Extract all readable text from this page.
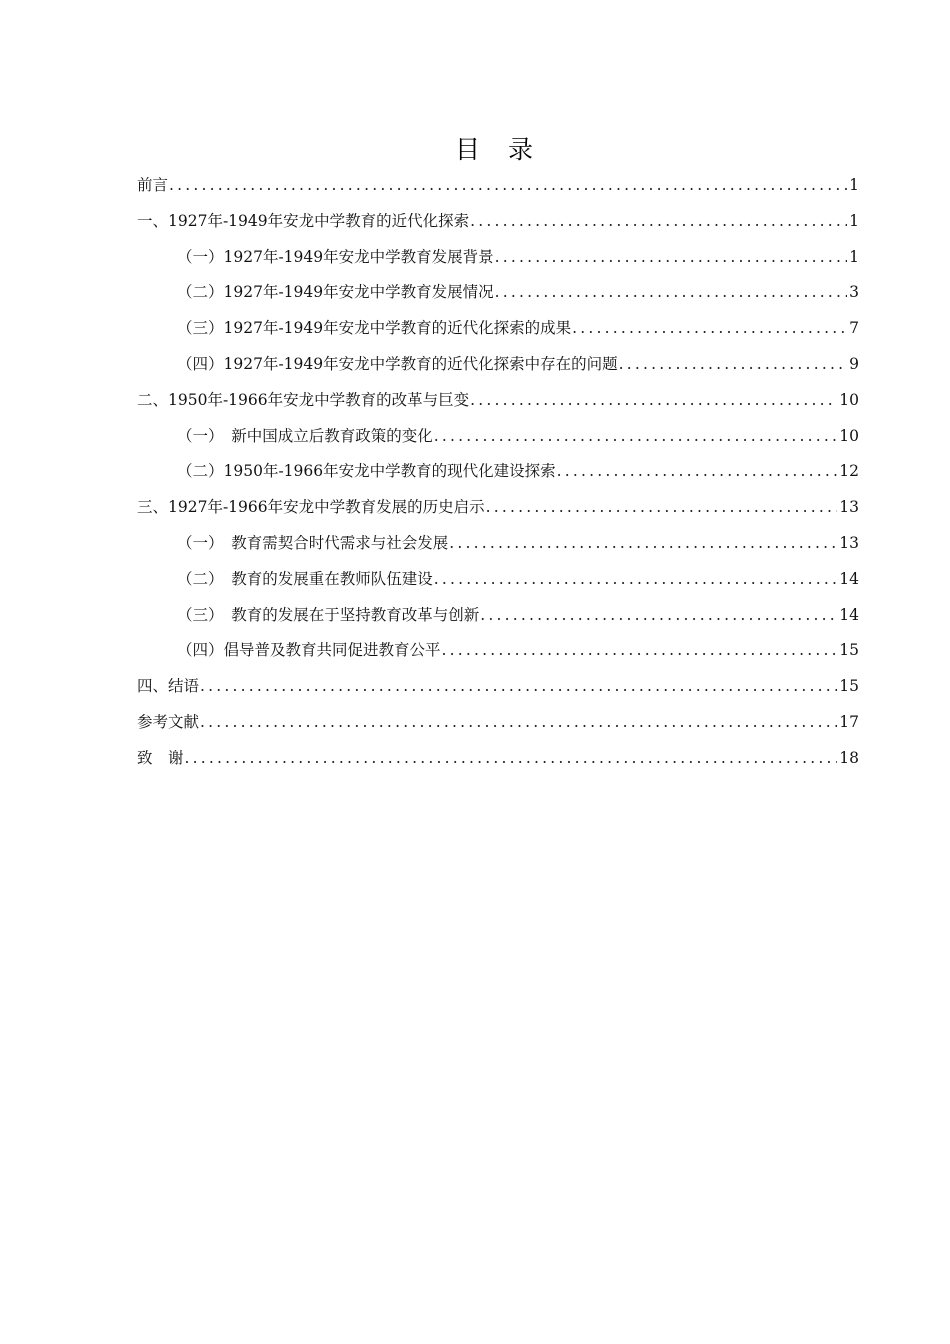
目 录
前言 .....	1
一、1927年-1949年安龙中学教育的近代化探索 .....	1
（一）1927年-1949年安龙中学教育发展背景 .....	1
（二）1927年-1949年安龙中学教育发展情况 .....	3
（三）1927年-1949年安龙中学教育的近代化探索的成果 .....	7
（四）1927年-1949年安龙中学教育的近代化探索中存在的问题 .....	9
二、1950年-1966年安龙中学教育的改革与巨变 .....	10
（一）　新中国成立后教育政策的变化 .....	10
（二）1950年-1966年安龙中学教育的现代化建设探索 .....	12
三、1927年-1966年安龙中学教育发展的历史启示 .....	13
（一）　教育需契合时代需求与社会发展 .....	13
（二）　教育的发展重在教师队伍建设 .....	14
（三）　教育的发展在于坚持教育改革与创新 .....	14
（四）倡导普及教育共同促进教育公平 .....	15
四、结语 .....	15
参考文献 .....	17
致　谢 .....	18
